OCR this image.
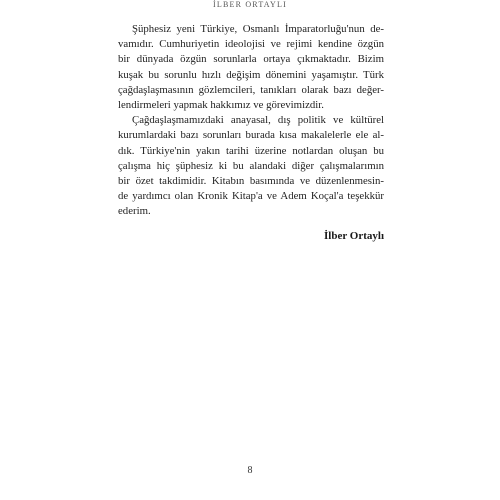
İLBER ORTAYLI

Şüphesiz yeni Türkiye, Osmanlı İmparatorluğu'nun de-
vamıdır. Cumhuriyetin ideolojisi ve rejimi kendine özgün
bir dünyada özgün sorunlarla ortaya çıkmaktadır. Bizim
kuşak bu sorunlu hızlı değişim dönemini yaşamıştır. Türk
çağdaşlaşmasının gözlemcileri, tanıkları olarak bazı değer-
lendirmeleri yapmak hakkımız ve görevimizdir.

Çağdaşlaşmamızdaki anayasal, dış politik ve kültürel
kurumlardaki bazı sorunları burada kısa makalelerle ele al-
dık. Türkiye'nin yakın tarihi üzerine notlardan oluşan bu
çalışma hiç şüphesiz ki bu alandaki diğer çalışmalarımın
bir özet takdimidir. Kitabın basımında ve düzenlenmesin-
de yardımcı olan Kronik Kitap'a ve Adem Koçal'a teşekkür
ederim.

İlber Ortaylı
8
